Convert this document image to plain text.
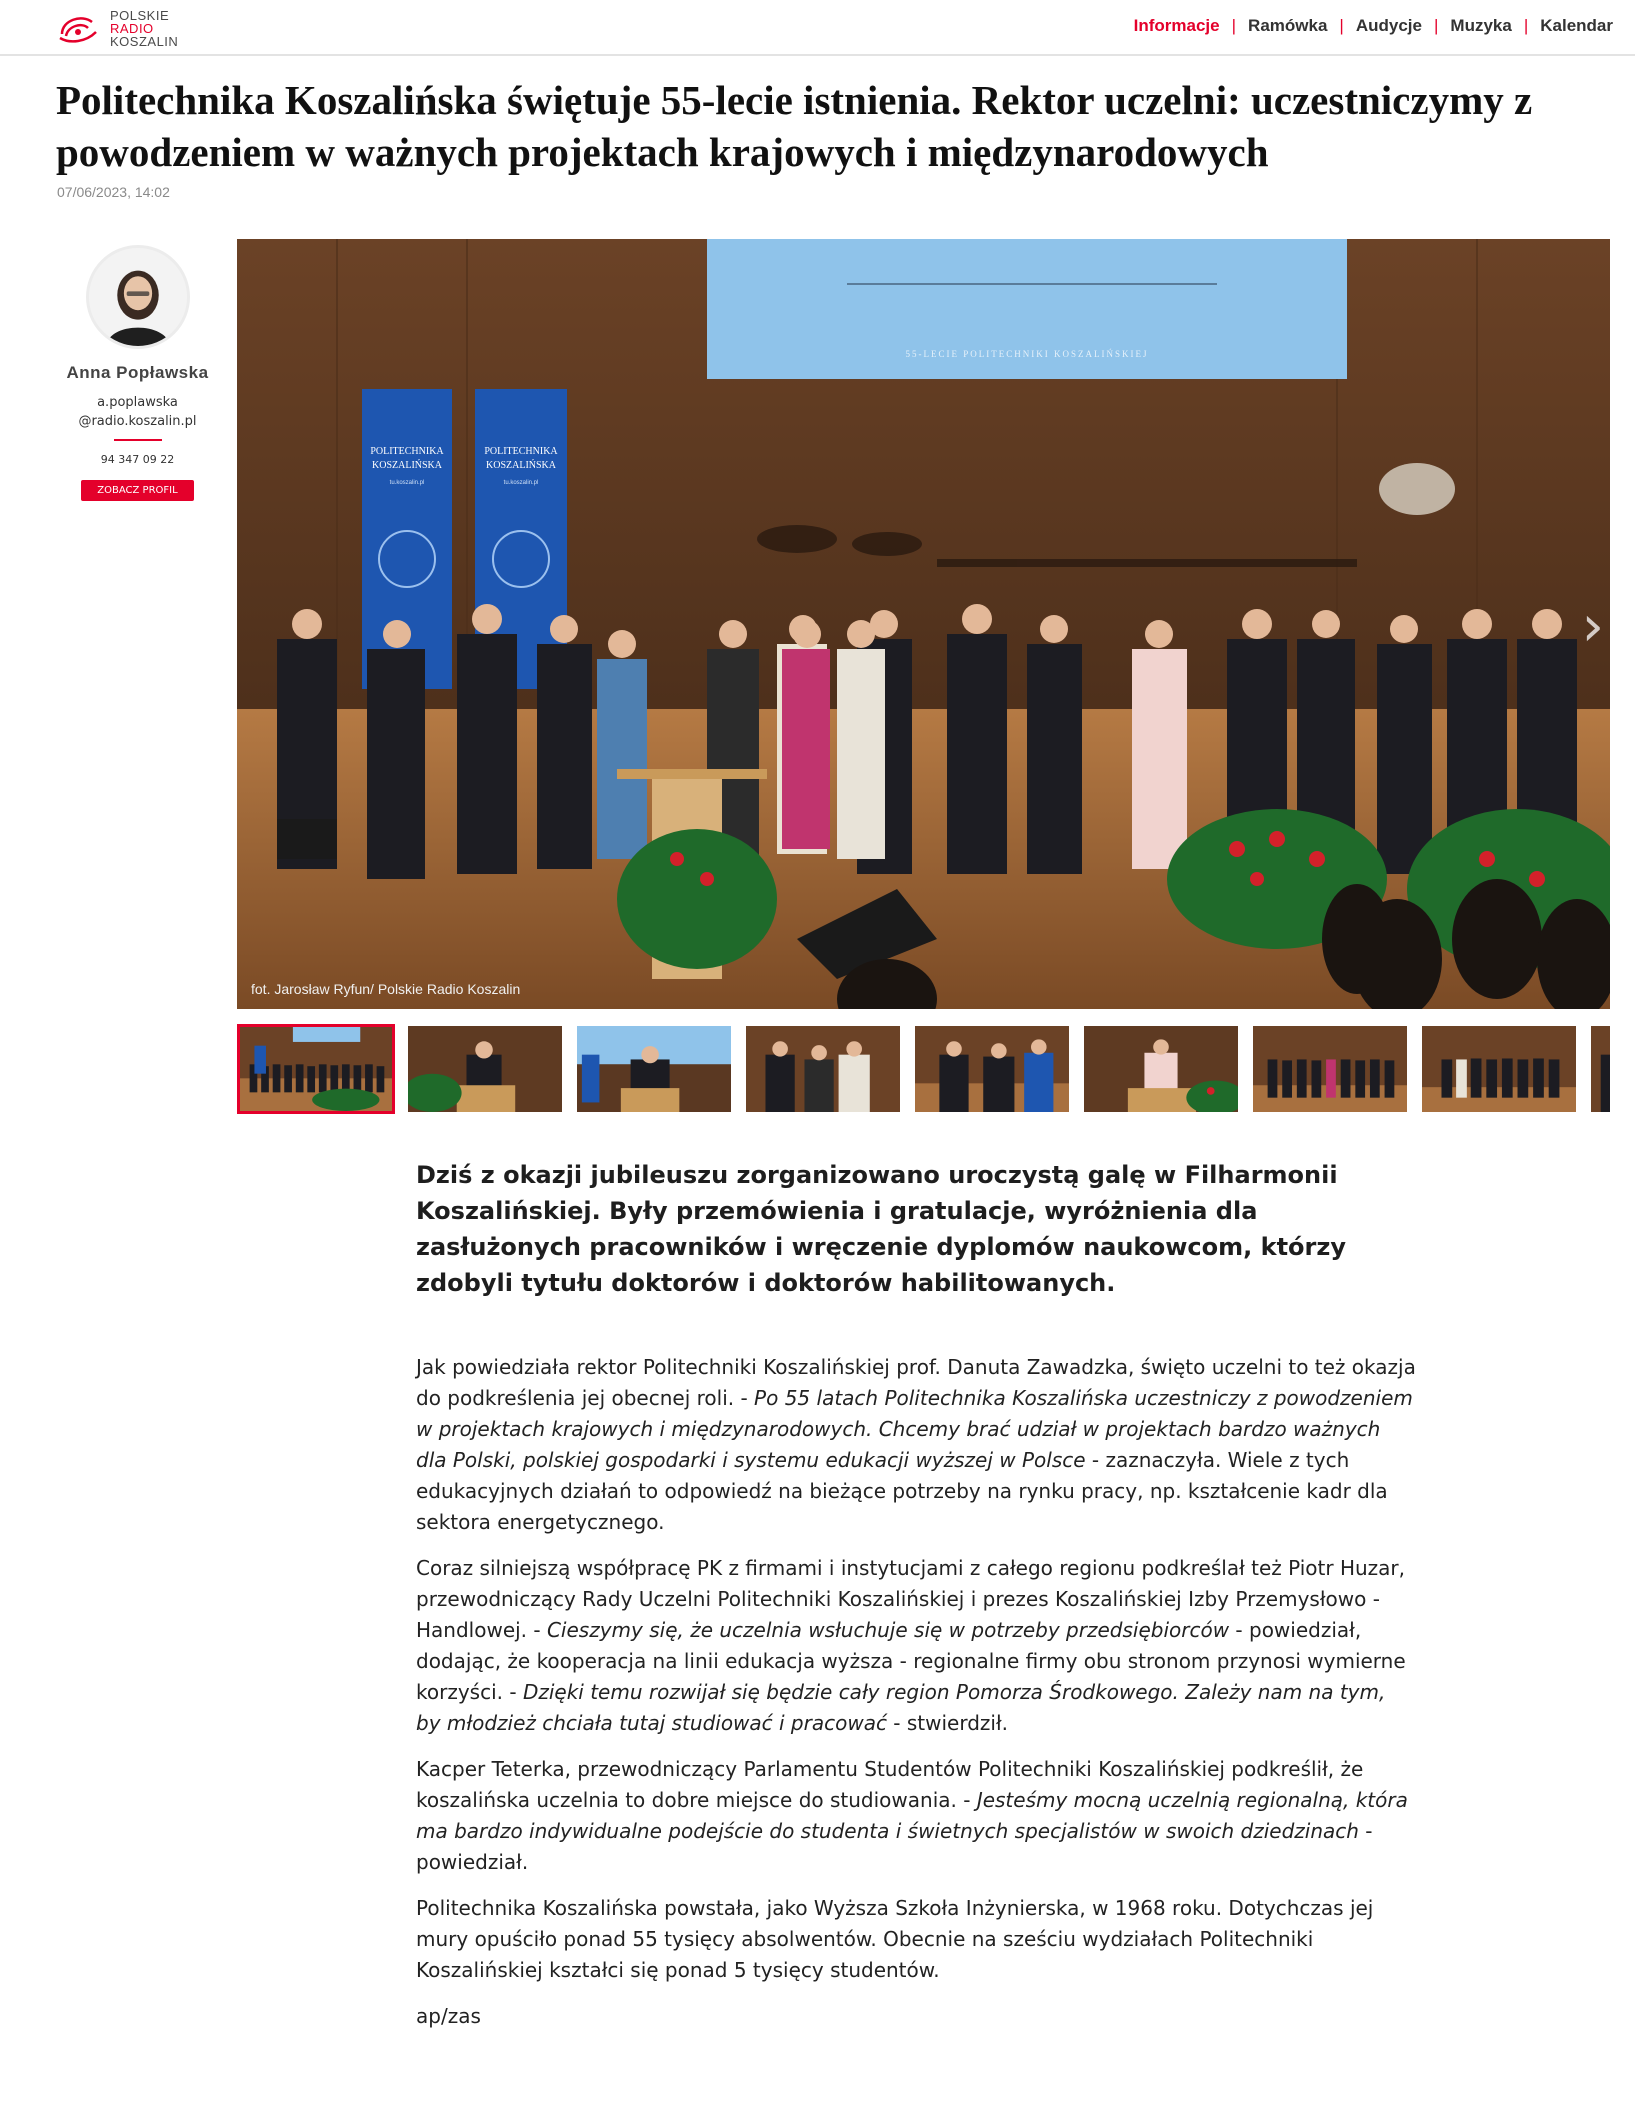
POLSKIE
RADIO
KOSZALIN
Informacje | Ramówka | Audycje | Muzyka | Kalendar
Politechnika Koszalińska świętuje 55-lecie istnienia. Rektor uczelni: uczestniczymy z powodzeniem w ważnych projektach krajowych i międzynarodowych
07/06/2023, 14:02
Anna Popławska
a.poplawska
@radio.koszalin.pl
94 347 09 22
ZOBACZ PROFIL
55-LECIE POLITECHNIKI KOSZALIŃSKIEJ
POLITECHNIKA
KOSZALIŃSKA
POLITECHNIKA
KOSZALIŃSKA
tu.koszalin.pl	tu.koszalin.pl
fot. Jarosław Ryfun/ Polskie Radio Koszalin
›
›
Dziś z okazji jubileuszu zorganizowano uroczystą galę w Filharmonii Koszalińskiej. Były przemówienia i gratulacje, wyróżnienia dla zasłużonych pracowników i wręczenie dyplomów naukowcom, którzy zdobyli tytułu doktorów i doktorów habilitowanych.

Jak powiedziała rektor Politechniki Koszalińskiej prof. Danuta Zawadzka, święto uczelni to też okazja do podkreślenia jej obecnej roli. - Po 55 latach Politechnika Koszalińska uczestniczy z powodzeniem w projektach krajowych i międzynarodowych. Chcemy brać udział w projektach bardzo ważnych dla Polski, polskiej gospodarki i systemu edukacji wyższej w Polsce - zaznaczyła. Wiele z tych edukacyjnych działań to odpowiedź na bieżące potrzeby na rynku pracy, np. kształcenie kadr dla sektora energetycznego.

Coraz silniejszą współpracę PK z firmami i instytucjami z całego regionu podkreślał też Piotr Huzar, przewodniczący Rady Uczelni Politechniki Koszalińskiej i prezes Koszalińskiej Izby Przemysłowo - Handlowej. - Cieszymy się, że uczelnia wsłuchuje się w potrzeby przedsiębiorców - powiedział, dodając, że kooperacja na linii edukacja wyższa - regionalne firmy obu stronom przynosi wymierne korzyści. - Dzięki temu rozwijał się będzie cały region Pomorza Środkowego. Zależy nam na tym, by młodzież chciała tutaj studiować i pracować - stwierdził.

Kacper Teterka, przewodniczący Parlamentu Studentów Politechniki Koszalińskiej podkreślił, że koszalińska uczelnia to dobre miejsce do studiowania. - Jesteśmy mocną uczelnią regionalną, która ma bardzo indywidualne podejście do studenta i świetnych specjalistów w swoich dziedzinach - powiedział.

Politechnika Koszalińska powstała, jako Wyższa Szkoła Inżynierska, w 1968 roku. Dotychczas jej mury opuściło ponad 55 tysięcy absolwentów. Obecnie na sześciu wydziałach Politechniki Koszalińskiej kształci się ponad 5 tysięcy studentów.

ap/zas
